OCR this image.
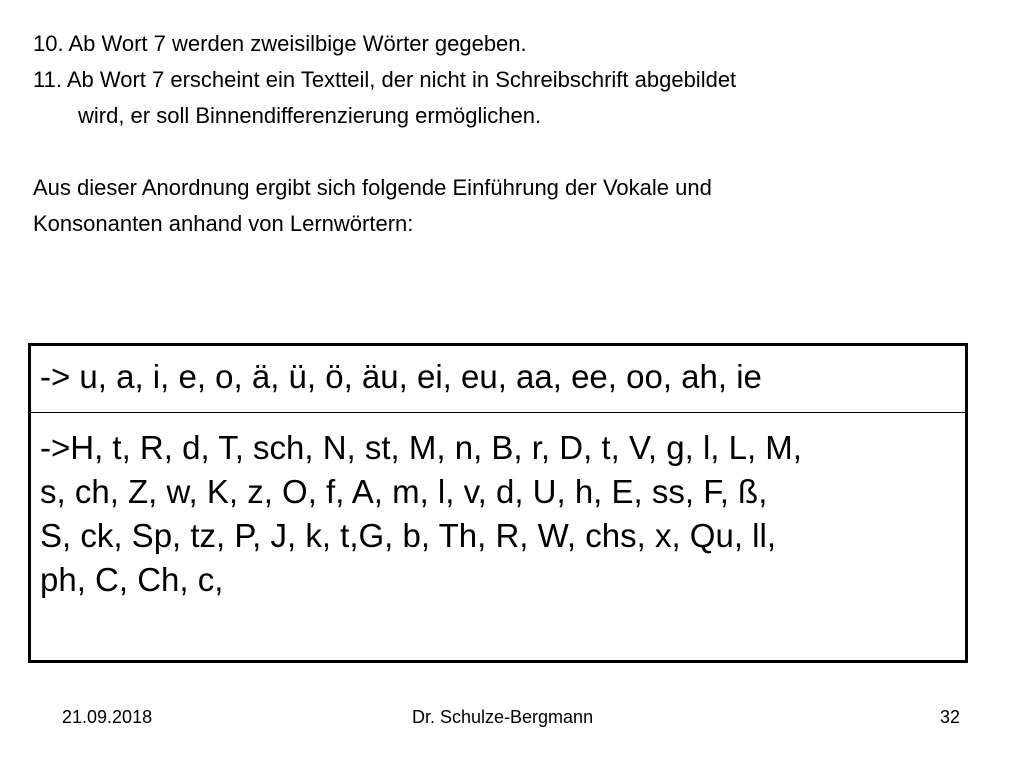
10. Ab Wort 7 werden zweisilbige Wörter gegeben.
11. Ab Wort 7 erscheint ein Textteil, der nicht in Schreibschrift abgebildet
wird, er soll Binnendifferenzierung ermöglichen.
Aus dieser Anordnung ergibt sich folgende Einführung der Vokale und
Konsonanten anhand von Lernwörtern:
-> u, a, i, e, o, ä, ü, ö, äu, ei, eu, aa, ee, oo, ah, ie
->H, t, R, d, T, sch, N, st, M, n, B, r, D, t, V, g, l, L, M,
s, ch, Z, w, K, z, O, f, A, m, l, v, d, U, h, E, ss, F, ß,
S, ck, Sp, tz, P, J, k, t,G, b, Th, R, W, chs, x, Qu, ll,
ph, C, Ch, c,
21.09.2018	Dr. Schulze-Bergmann	32
